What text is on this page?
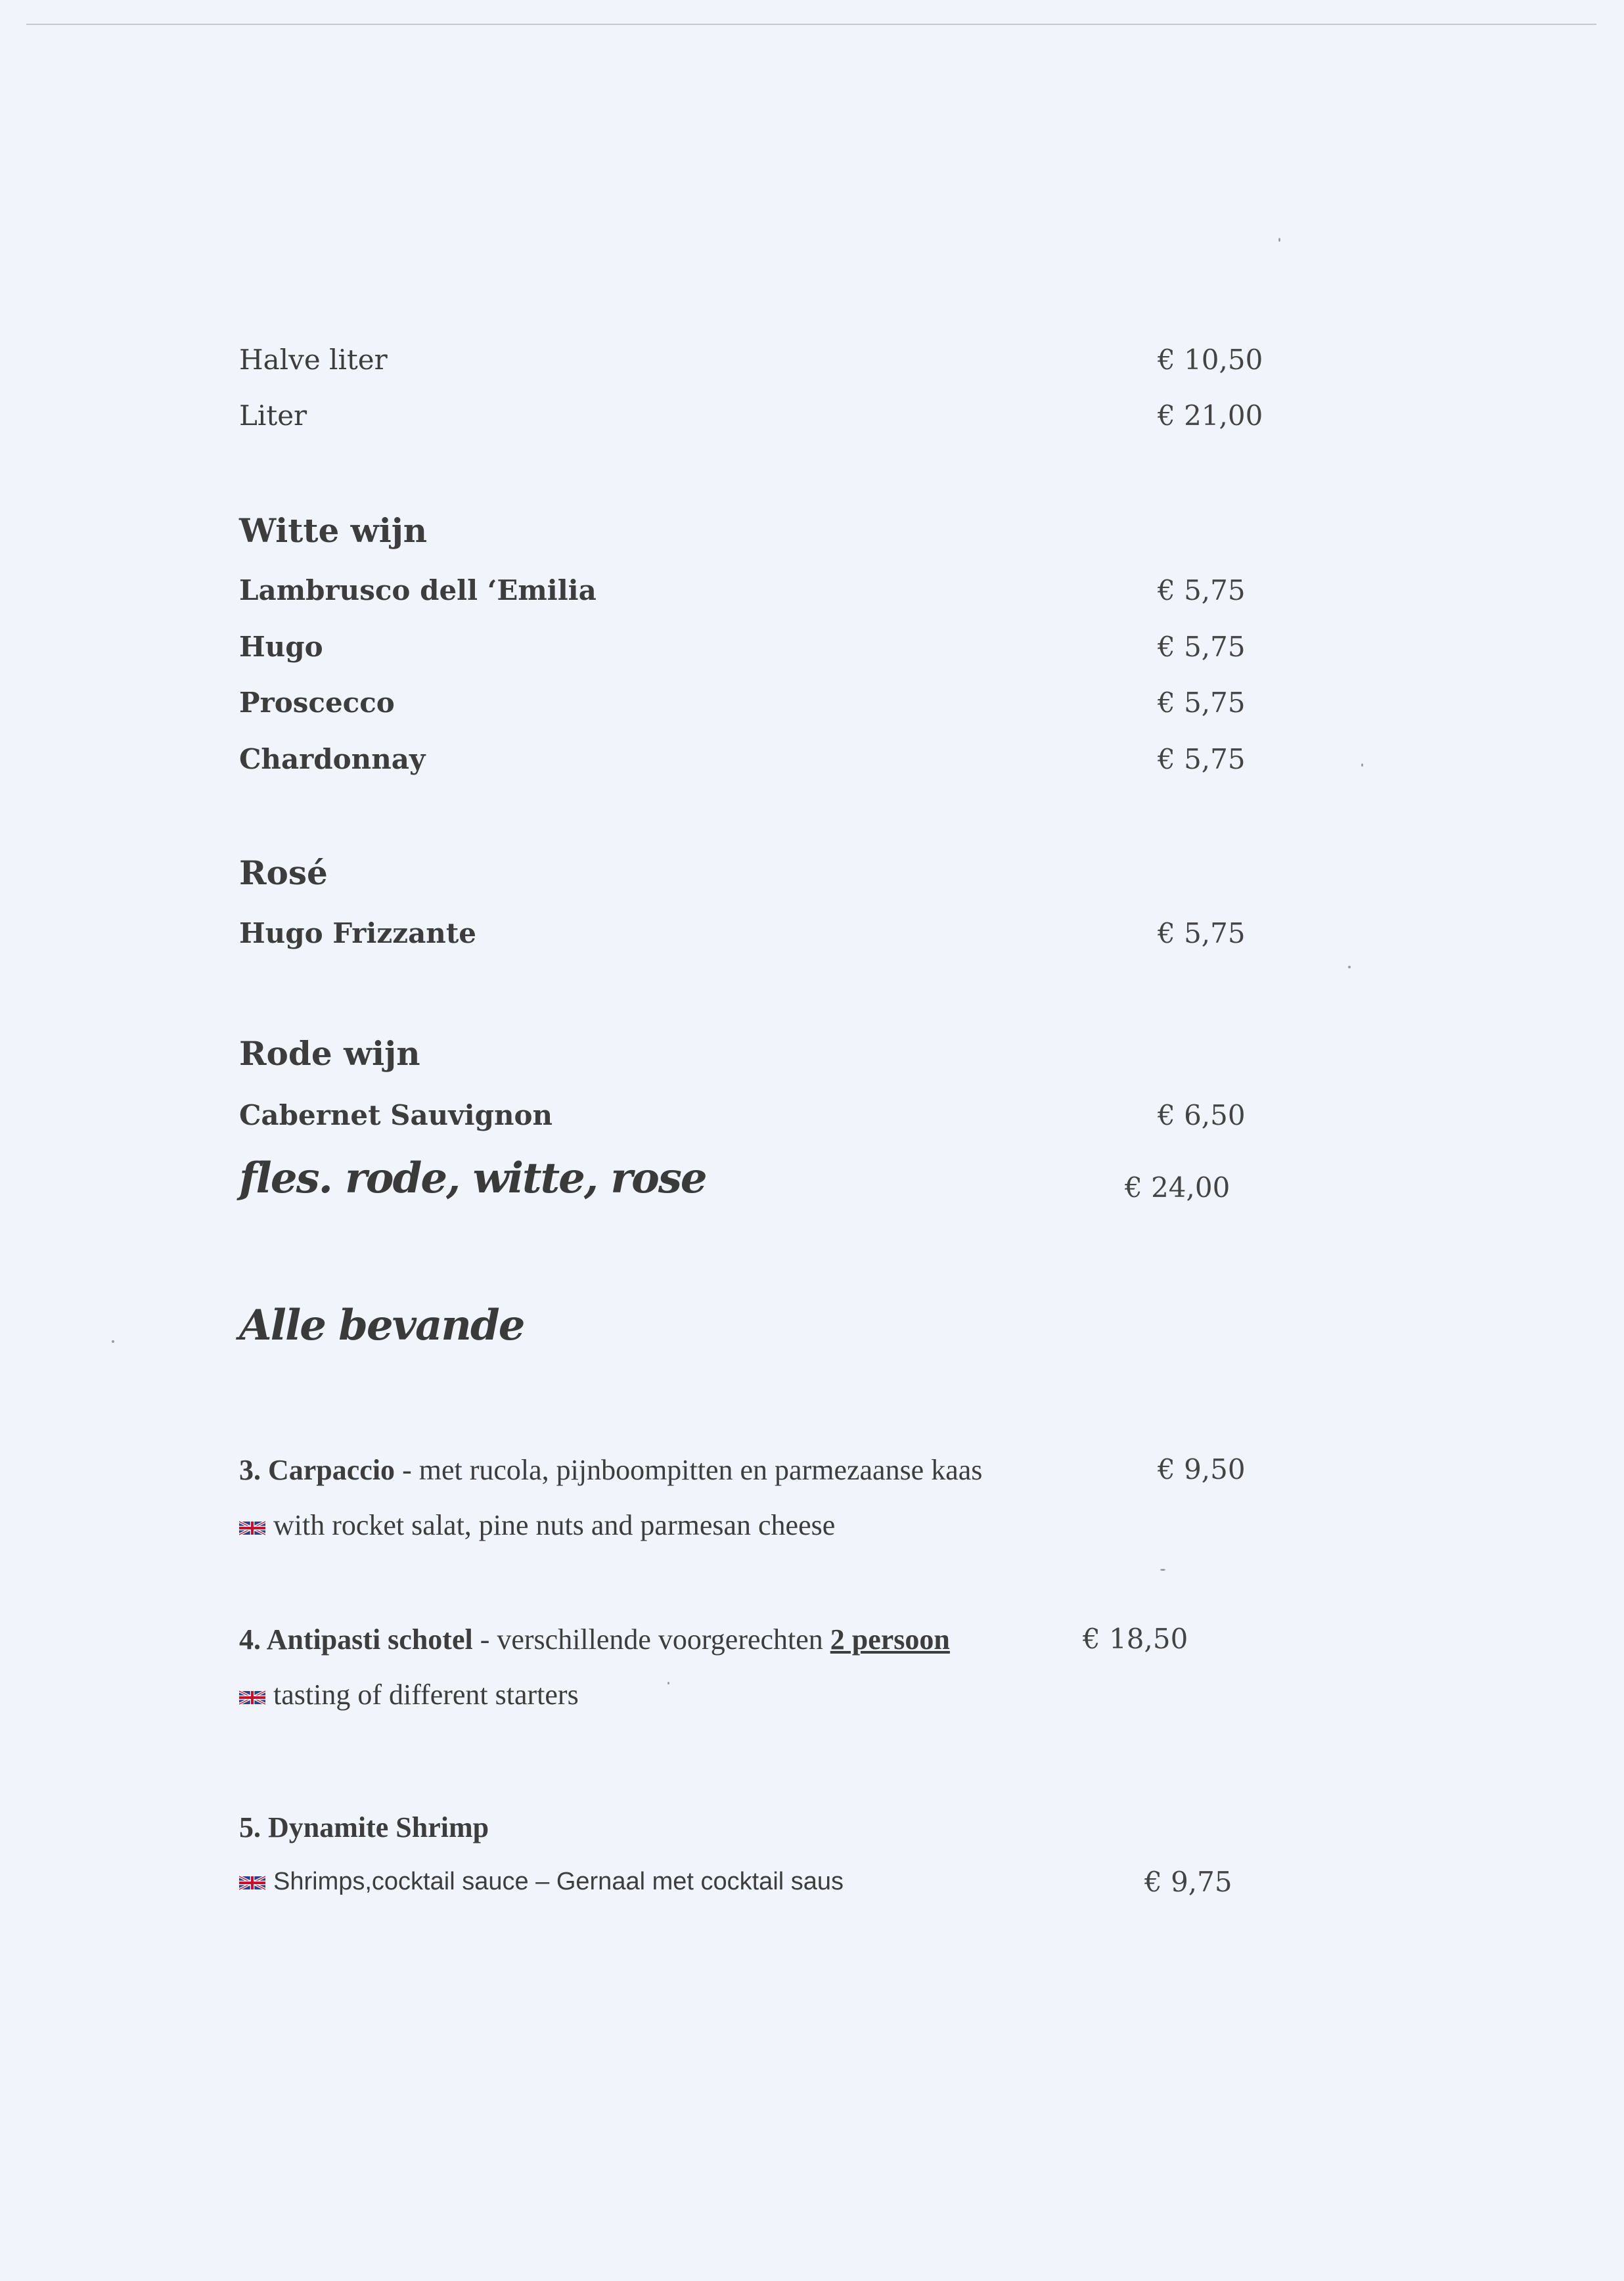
Halve liter	€ 10,50
Liter	€ 21,00
Witte wijn
Lambrusco dell ‘Emilia	€ 5,75
Hugo	€ 5,75
Proscecco	€ 5,75
Chardonnay	€ 5,75
Rosé
Hugo Frizzante	€ 5,75
Rode wijn
Cabernet Sauvignon	€ 6,50
fles. rode, witte, rose	€ 24,00
Alle bevande
3. Carpaccio - met rucola, pijnboompitten en parmezaanse kaas	€ 9,50
with rocket salat, pine nuts and parmesan cheese
4. Antipasti schotel - verschillende voorgerechten 2 persoon	€ 18,50
tasting of different starters
5. Dynamite Shrimp
Shrimps,cocktail sauce – Gernaal met cocktail saus	€ 9,75
